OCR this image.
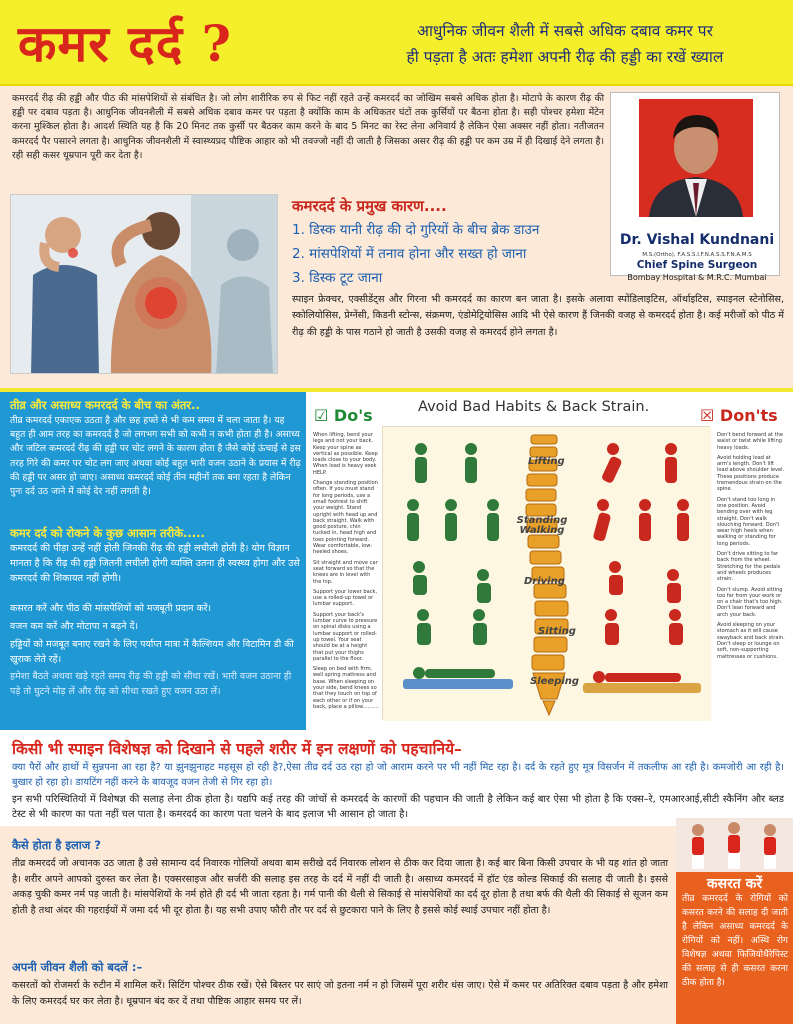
कमर दर्द ?	आधुनिक जीवन शैली में सबसे अधिक दबाव कमर पर
ही पड़ता है अतः हमेशा अपनी रीढ़ की हड्डी का रखें ख्याल
कमरदर्द रीढ़ की हड्डी और पीठ की मांसपेशियों से संबंधित है। जो लोग शारीरिक रुप से फिट नहीं रहते उन्हें कमरदर्द का जोखिम सबसे अधिक होता है। मोटापे के कारण रीढ़ की हड्डी पर दबाव पड़ता है। आधुनिक जीवनशैली में सबसे अधिक दबाव कमर पर पड़ता है क्योंकि काम के अधिकतर घंटों तक कुर्सियों पर बैठना होता है। सही पोश्चर हमेशा मेंटेन करना मुश्किल होता है। आदर्श स्थिति यह है कि 20 मिनट तक कुर्सी पर बैठकर काम करने के बाद 5 मिनट का रेस्ट लेना अनिवार्य है लेकिन ऐसा अक्सर नहीं होता। नतीजतन कमरदर्द पैर पसारने लगता है। आधुनिक जीवनशैली में स्वास्थ्यप्रद पौष्टिक आहार को भी तवज्जो नहीं दी जाती है जिसका असर रीढ़ की हड्डी पर कम उम्र में ही दिखाई देने लगता है। रही सही कसर धूम्रपान पूरी कर देता है।
Dr. Vishal Kundnani
M.S.(Ortho), F.A.S.S.I.F.N.A.S.S.F.N.A.M.S
Chief Spine Surgeon
Bombay Hospital & M.R.C. Mumbai
कमरदर्द के प्रमुख कारण....
1. डिस्क यानी रीढ़ की दो गुरियों के बीच ब्रेक डाउन
2. मांसपेशियों में तनाव होना और सख्त हो जाना
3. डिस्क टूट जाना
स्पाइन फ्रेक्चर, एक्सीडेंट्स और गिरना भी कमरदर्द का कारण बन जाता है। इसके अलावा स्पोंडिलाइटिस, ऑर्थाइटिस, स्पाइनल स्टेनोसिस, स्कोलियोसिस, प्रेग्नेंसी, किडनी स्टोन्स, संक्रमण, एंडोमेट्रियोसिस आदि भी ऐसे कारण हैं जिनकी वजह से कमरदर्द होता है। कई मरीजों को पीठ में रीढ़ की हड्डी के पास गठाने हो जाती है उसकी वजह से कमरदर्द होने लगता है।
तीव्र और असाध्य कमरदर्द के बीच का अंतर..
तीव्र कमरदर्द एकाएक उठता है और छह हफ्ते से भी कम समय में चला जाता है। यह बहुत ही आम तरह का कमरदर्द है जो लगभग सभी को कभी न कभी होता ही है। असाध्य और जटिल कमरदर्द रीढ़ की हड्डी पर चोट लगने के कारण होता है जैसे कोई ऊंचाई से इस तरह गिरे की कमर पर चोट लग जाए अथवा कोई बहुत भारी वजन उठाने के प्रयास में रीढ़ की हड्डी पर असर हो जाए। असाध्य कमरदर्द कोई तीन महीनों तक बना रहता है लेकिन पुनः दर्द उठ जाने में कोई देर नहीं लगती है।
कमर दर्द को रोकने के कुछ आसान तरीके.....
कमरदर्द की पीड़ा उन्हें नहीं होती जिनकी रीढ़ की हड्डी लचीली होती है। योग विज्ञान मानता है कि रीढ़ की हड्डी जितनी लचीली होगी व्यक्ति उतना ही स्वस्थ्य होगा और उसे कमरदर्द की शिकायत नहीं होगी।
कसरत करें और पीठ की मांसपेशियों को मजबूती प्रदान करें।
वजन कम करें और मोटापा न बढ़ने दें।
हड्डियों को मजबूत बनाए रखने के लिए पर्याप्त मात्रा में कैल्शियम और विटामिन डी की खुराक लेते रहें।
हमेशा बैठते अथवा खड़े रहते समय रीढ़ की हड्डी को सीधा रखें। भारी वजन उठाना ही पड़े तो घुटने मोड़ लें और रीढ़ को सीधा रखते हुए वजन उठा लें।
Avoid Bad Habits & Back Strain.
☑ Do's	☒ Don'ts
When lifting, bend your legs and not your back. Keep your spine as vertical as possible. Keep loads close to your body. When load is heavy seek HELP.
Change standing position often. If you must stand for long periods, use a small footrest to shift your weight. Stand upright with head up and back straight. Walk with good posture, chin tucked in, head high and toes pointing forward. Wear comfortable, low-heeled shoes.
Sit straight and move car seat forward so that the knees are in level with the hip.
Support your lower back, use a rolled-up towel or lumbar support.
Support your back's lumbar curve to pressure on spinal disks using a lumbar support or rolled-up towel. Your seat should be at a height that put your thighs parallel to the floor.
Sleep on bed with firm, well spring mattress and base. When sleeping on your side, bend knees so that they touch on top of each other or if on your back, place a pillow..........
Don't bend forward at the waist or twist while lifting heavy loads.
Avoid holding load at arm's length. Don't lift load above shoulder level. These positions produce tremendous strain on the spine.
Don't stand too long in one position. Avoid bending over with leg straight. Don't walk slouching forward. Don't wear high heels when walking or standing for long periods.
Don't drive sitting to far back from the wheel. Stretching for the pedals and wheels produces strain.
Don't slump. Avoid sitting too far from your work or on a chair that's too high. Don't lean forward and arch your back.
Avoid sleeping on your stomach as it will cause swayback and back strain. Don't sleep or lounge on soft, non-supporting mattresses or cushions.
Lifting
Standing Walking
Driving
Sitting
Sleeping
किसी भी स्पाइन विशेषज्ञ को दिखाने से पहले शरीर में इन लक्षणों को पहचानिये–
क्या पैरों और हाथों में सुन्नपना आ रहा है? या झुनझुनाहट महसूस हो रही है?,ऐसा तीव्र दर्द उठ रहा हो जो आराम करने पर भी नहीं मिट रहा है। दर्द के रहते हुए मूत्र विसर्जन में तकलीफ आ रही है। कमजोरी आ रही है। बुखार हो रहा हो। डायटिंग नहीं करने के बावजूद वजन तेजी से गिर रहा हो।
इन सभी परिस्थितियों में विशेषज्ञ की सलाह लेना ठीक होता है। यद्यपि कई तरह की जांचों से कमरदर्द के कारणों की पहचान की जाती है लेकिन कई बार ऐसा भी होता है कि एक्स–रे, एमआरआई,सीटी स्कैनिंग और ब्लड टेस्ट से भी कारण का पता नहीं चल पाता है। कमरदर्द का कारण पता चलने के बाद इलाज भी आसान हो जाता है।
कैसे होता है इलाज ?
तीव्र कमरदर्द जो अचानक उठ जाता है उसे सामान्य दर्द निवारक गोलियों अथवा बाम सरीखे दर्द निवारक लोशन से ठीक कर दिया जाता है। कई बार बिना किसी उपचार के भी यह शांत हो जाता है। शरीर अपने आपको दुरुस्त कर लेता है। एक्सरसाइज और सर्जरी की सलाह इस तरह के दर्द में नहीं दी जाती है। असाध्य कमरदर्द में हॉट एंड कोल्ड सिकाई की सलाह दी जाती है। इससे अकड़ चुकी कमर नर्म पड़ जाती है। मांसपेशियों के नर्म होते ही दर्द भी जाता रहता है। गर्म पानी की थैली से सिकाई से मांसपेशियों का दर्द दूर होता है तथा बर्फ की थैली की सिकाई से सूजन कम होती है तथा अंदर की गहराईयों में जमा दर्द भी दूर होता है। यह सभी उपाए फौरी तौर पर दर्द से छुटकारा पाने के लिए है इससे कोई स्थाई उपचार नहीं होता है।
अपनी जीवन शैली को बदलें :–
कसरतों को रोजमर्रा के रुटीन में शामिल करें। सिटिंग पोश्चर ठीक रखें। ऐसे बिस्तर पर साएं जो इतना नर्म न हो जिसमें पूरा शरीर धंस जाए। ऐसे में कमर पर अतिरिक्त दबाव पड़ता है और हमेशा के लिए कमरदर्द घर कर लेता है। धूम्रपान बंद कर दें तथा पौष्टिक आहार समय पर लें।
कसरत करें
तीव्र कमरदर्द के रोगियों को कसरत करने की सलाह दी जाती है लेकिन असाध्य कमरदर्द के रोगियों को नहीं। अस्थि रोग विशेषज्ञ अथवा फिजियोथैरेपिस्ट की सलाह से ही कसरत करना ठीक होता है।
